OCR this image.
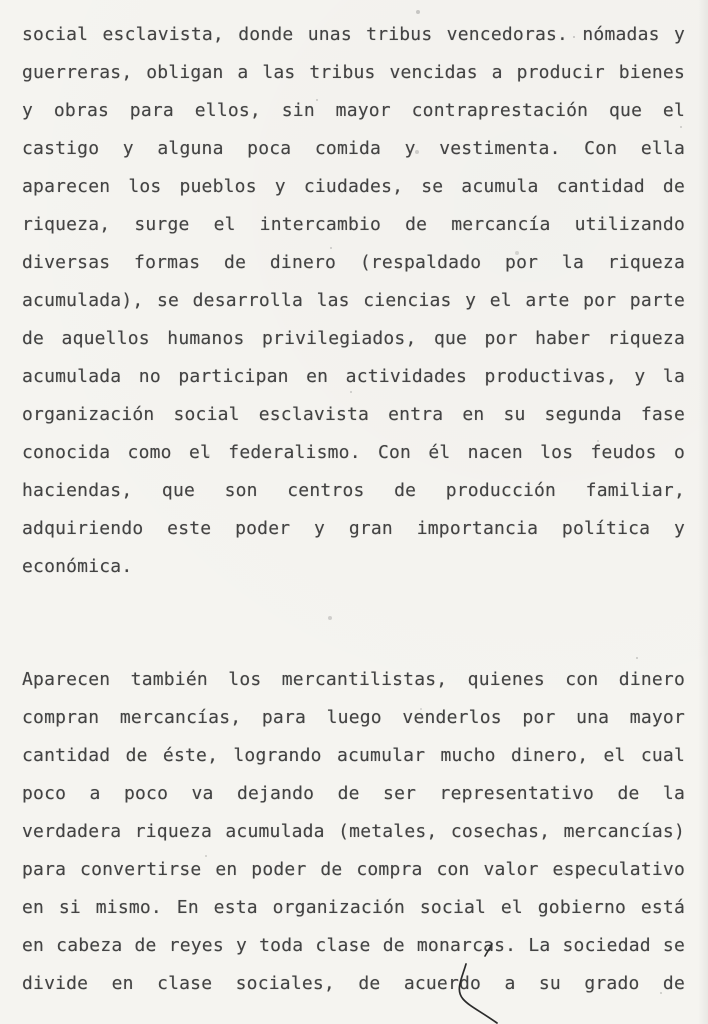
social esclavista, donde unas tribus vencedoras. nómadas y
guerreras, obligan a las tribus vencidas a producir bienes
y obras para ellos, sin mayor contraprestación que el
castigo y alguna poca comida y vestimenta. Con ella
aparecen los pueblos y ciudades, se acumula cantidad de
riqueza, surge el intercambio de mercancía utilizando
diversas formas de dinero (respaldado por la riqueza
acumulada), se desarrolla las ciencias y el arte por parte
de aquellos humanos privilegiados, que por haber riqueza
acumulada no participan en actividades productivas, y la
organización social esclavista entra en su segunda fase
conocida como el federalismo. Con él nacen los feudos o
haciendas, que son centros de producción familiar,
adquiriendo este poder y gran importancia política y
económica.
Aparecen también los mercantilistas, quienes con dinero
compran mercancías, para luego venderlos por una mayor
cantidad de éste, logrando acumular mucho dinero, el cual
poco a poco va dejando de ser representativo de la
verdadera riqueza acumulada (metales, cosechas, mercancías)
para convertirse en poder de compra con valor especulativo
en si mismo. En esta organización social el gobierno está
en cabeza de reyes y toda clase de monarcas. La sociedad se
divide en clase sociales, de acuerdo a su grado de
